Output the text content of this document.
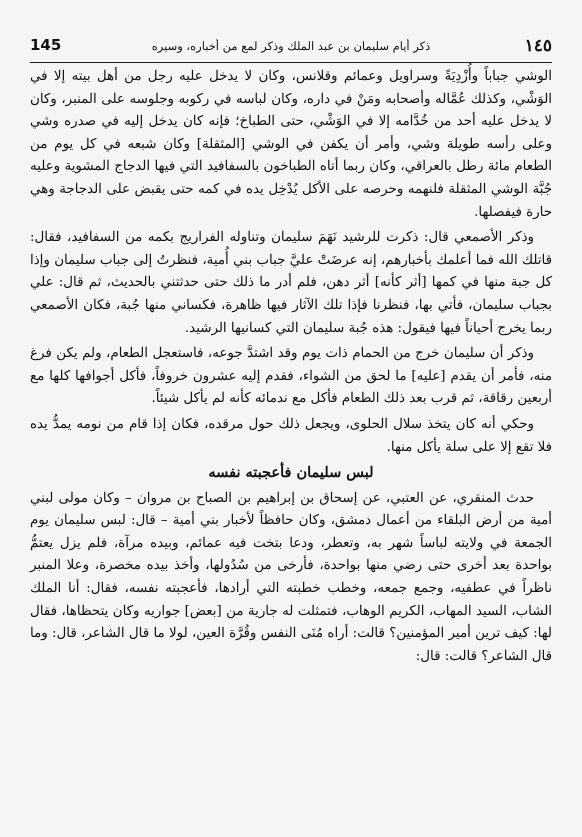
١٤٥
ذكر أيام سليمان بن عبد الملك وذكر لمع من أخباره، وسيره
145

الوشي جباباً وأُزْدِيَةً وسراويل وعمائم وقلانس، وكان لا يدخل عليه رجل من أهل بيته إلا في الوَشْي، وكذلك عُمَّاله وأصحابه ومَنْ في داره، وكان لباسه في ركوبه وجلوسه على المنبر، وكان لا يدخل عليه أحد من خُدَّامه إلا في الوَشْي، حتى الطباخ؛ فإنه كان يدخل إليه في صدره وشي وعلى رأسه طويلة وشي، وأمر أن يكفن في الوشي [المثقلة] وكان شبعه في كل يوم من الطعام مائة رطل بالعراقي، وكان ربما أتاه الطباخون بالسفافيد التي فيها الدجاج المشوية وعليه جُبَّة الوشي المثقلة فلنهمه وحرصه على الأكل يُدْخِل يده في كمه حتى يقبض على الدجاجة وهي حارة فيفصلها.

وذكر الأصمعي قال: ذكرت للرشيد نَهَمَ سليمان وتناوله الفراريج بكمه من السفافيد، فقال: قاتلك الله فما أعلمك بأخبارهم، إنه عرضَتْ عليَّ جباب بني أُمية، فنظرتُ إلى جباب سليمان وإذا كل جبة منها في كمها [أثر كأنه] أثر دهن، فلم أدر ما ذلك حتى حدثتني بالحديث، ثم قال: علي بجباب سليمان، فأتي بها، فنظرنا فإذا تلك الآثار فيها ظاهرة، فكساني منها جُبة، فكان الأصمعي ربما يخرج أحياناً فيها فيقول: هذه جُبة سليمان التي كسانيها الرشيد.

وذكر أن سليمان خرج من الحمام ذات يوم وقد اشتدَّ جوعه، فاستعجل الطعام، ولم يكن فرغ منه، فأمر أن يقدم [عليه] ما لحق من الشواء، فقدم إليه عشرون خروفاً، فأكل أجوافها كلها مع أربعين رقاقة، ثم قرب بعد ذلك الطعام فأكل مع ندمائه كأنه لم يأكل شيئاً.

وحكي أنه كان يتخذ سلال الحلوى، ويجعل ذلك حول مرقده، فكان إذا قام من نومه يمدُّ يده فلا تقع إلا على سلة يأكل منها.

لبس سليمان فأعجبته نفسه

حدث المنقري، عن العتبي، عن إسحاق بن إبراهيم بن الصباح بن مروان – وكان مولى لبني أمية من أرض البلقاء من أعمال دمشق، وكان حافظاً لأخبار بني أمية – قال: لبس سليمان يوم الجمعة في ولايته لباساً شهر به، وتعطر، ودعا بتخت فيه عمائم، وبيده مرآة، فلم يزل يعتمُّ بواحدة بعد أخرى حتى رضي منها بواحدة، فأرخى من سُدُولها، وأخذ بيده مخصرة، وعلا المنبر ناظراً في عطفيه، وجمع جمعه، وخطب خطبته التي أرادها، فأعجبته نفسه، فقال: أنا الملك الشاب، السيد المهاب، الكريم الوهاب، فتمثلت له جارية من [بعض] جواريه وكان يتحظاها، فقال لها: كيف ترين أمير المؤمنين؟ قالت: أراه مُنَى النفس وقُرَّة العين، لولا ما قال الشاعر، قال: وما قال الشاعر؟ قالت: قال:
